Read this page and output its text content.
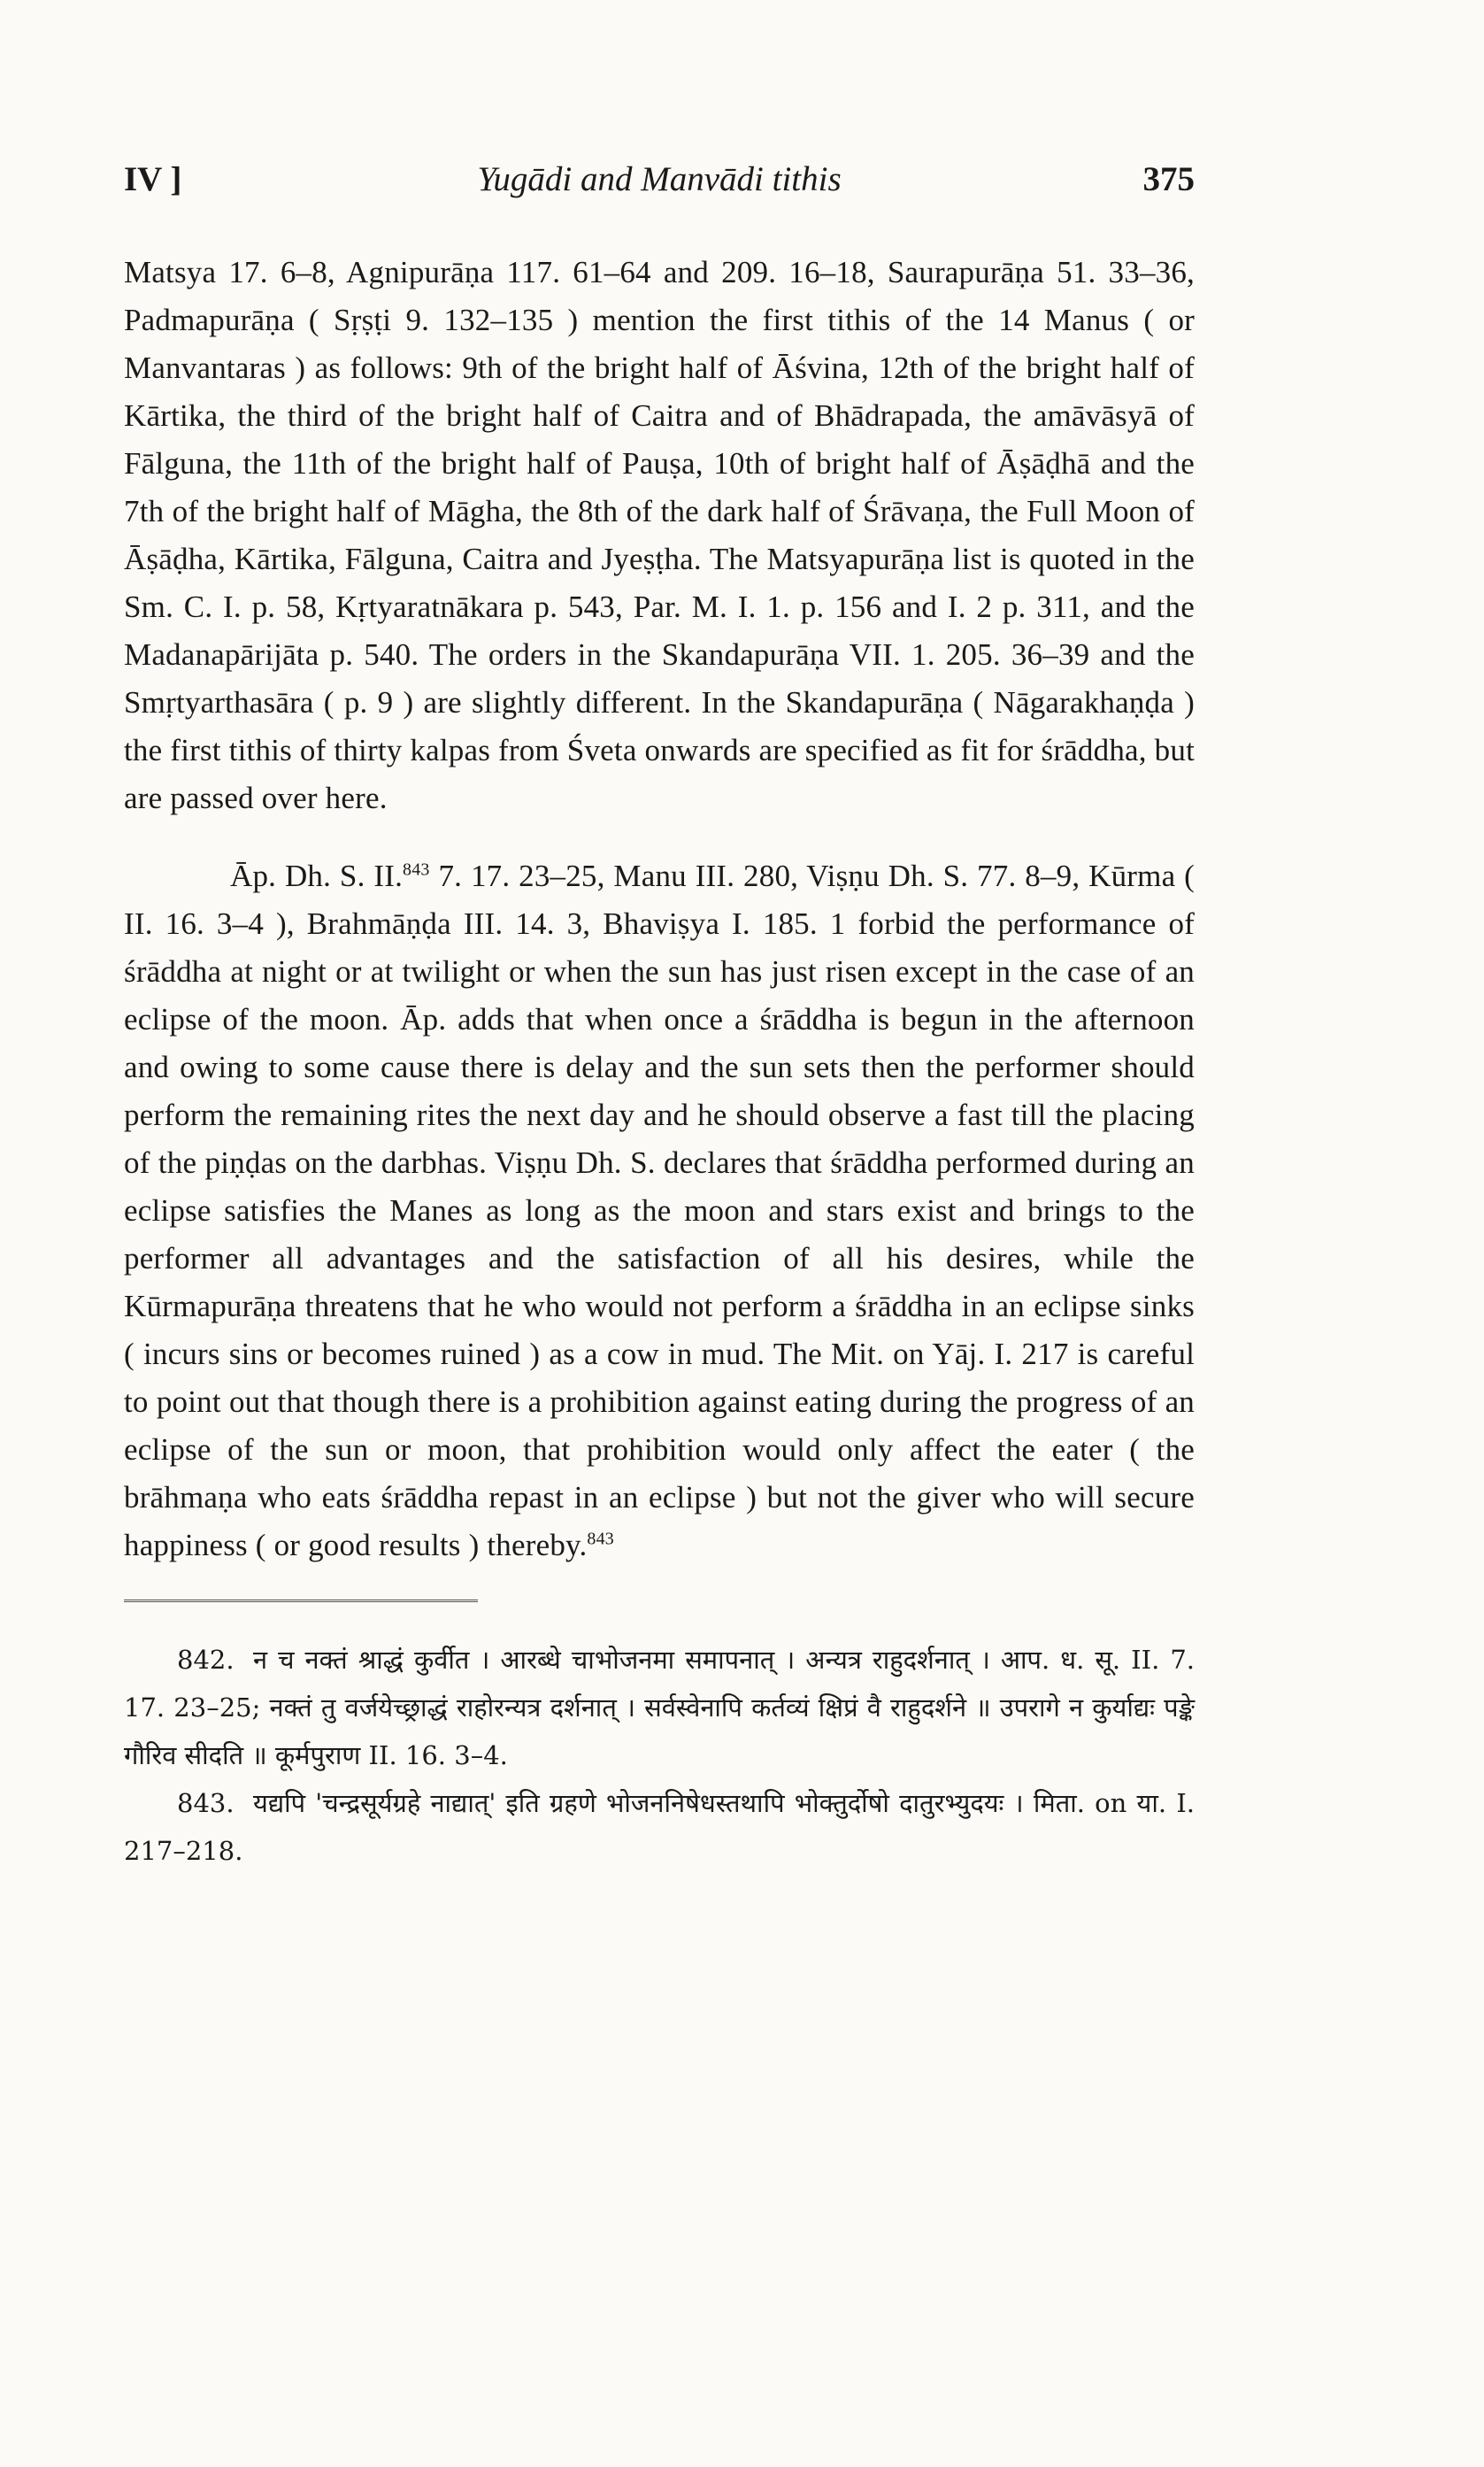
IV ]	Yugādi and Manvādi tithis	375

Matsya 17. 6–8, Agnipurāṇa 117. 61–64 and 209. 16–18, Saurapurāṇa 51. 33–36, Padmapurāṇa ( Sṛṣṭi 9. 132–135 ) mention the first tithis of the 14 Manus ( or Manvantaras ) as follows: 9th of the bright half of Āśvina, 12th of the bright half of Kārtika, the third of the bright half of Caitra and of Bhādrapada, the amāvāsyā of Fālguna, the 11th of the bright half of Pauṣa, 10th of bright half of Āṣāḍhā and the 7th of the bright half of Māgha, the 8th of the dark half of Śrāvaṇa, the Full Moon of Āṣāḍha, Kārtika, Fālguna, Caitra and Jyeṣṭha. The Matsyapurāṇa list is quoted in the Sm. C. I. p. 58, Kṛtyaratnākara p. 543, Par. M. I. 1. p. 156 and I. 2 p. 311, and the Madanapārijāta p. 540. The orders in the Skandapurāṇa VII. 1. 205. 36–39 and the Smṛtyarthasāra ( p. 9 ) are slightly different. In the Skandapurāṇa ( Nāgarakhaṇḍa ) the first tithis of thirty kalpas from Śveta onwards are specified as fit for śrāddha, but are passed over here.

Āp. Dh. S. II.$^{843}$ 7. 17. 23–25, Manu III. 280, Viṣṇu Dh. S. 77. 8–9, Kūrma ( II. 16. 3–4 ), Brahmāṇḍa III. 14. 3, Bhaviṣya I. 185. 1 forbid the performance of śrāddha at night or at twilight or when the sun has just risen except in the case of an eclipse of the moon. Āp. adds that when once a śrāddha is begun in the afternoon and owing to some cause there is delay and the sun sets then the performer should perform the remaining rites the next day and he should observe a fast till the placing of the piṇḍas on the darbhas. Viṣṇu Dh. S. declares that śrāddha performed during an eclipse satisfies the Manes as long as the moon and stars exist and brings to the performer all advantages and the satisfaction of all his desires, while the Kūrmapurāṇa threatens that he who would not perform a śrāddha in an eclipse sinks ( incurs sins or becomes ruined ) as a cow in mud. The Mit. on Yāj. I. 217 is careful to point out that though there is a prohibition against eating during the progress of an eclipse of the sun or moon, that prohibition would only affect the eater ( the brāhmaṇa who eats śrāddha repast in an eclipse ) but not the giver who will secure happiness ( or good results ) thereby.$^{843}$

842. न च नक्तं श्राद्धं कुर्वीत । आरब्धे चाभोजनमा समापनात् । अन्यत्र राहुदर्शनात् । आप. ध. सू. II. 7. 17. 23–25; नक्तं तु वर्जयेच्छ्राद्धं राहोरन्यत्र दर्शनात् । सर्वस्वेनापि कर्तव्यं क्षिप्रं वै राहुदर्शने ॥ उपरागे न कुर्याद्यः पङ्के गौरिव सीदति ॥ कूर्मपुराण II. 16. 3–4.

843. यद्यपि 'चन्द्रसूर्यग्रहे नाद्यात्' इति ग्रहणे भोजननिषेधस्तथापि भोक्तुर्दोषो दातुरभ्युदयः । मिता. on या. I. 217–218.
